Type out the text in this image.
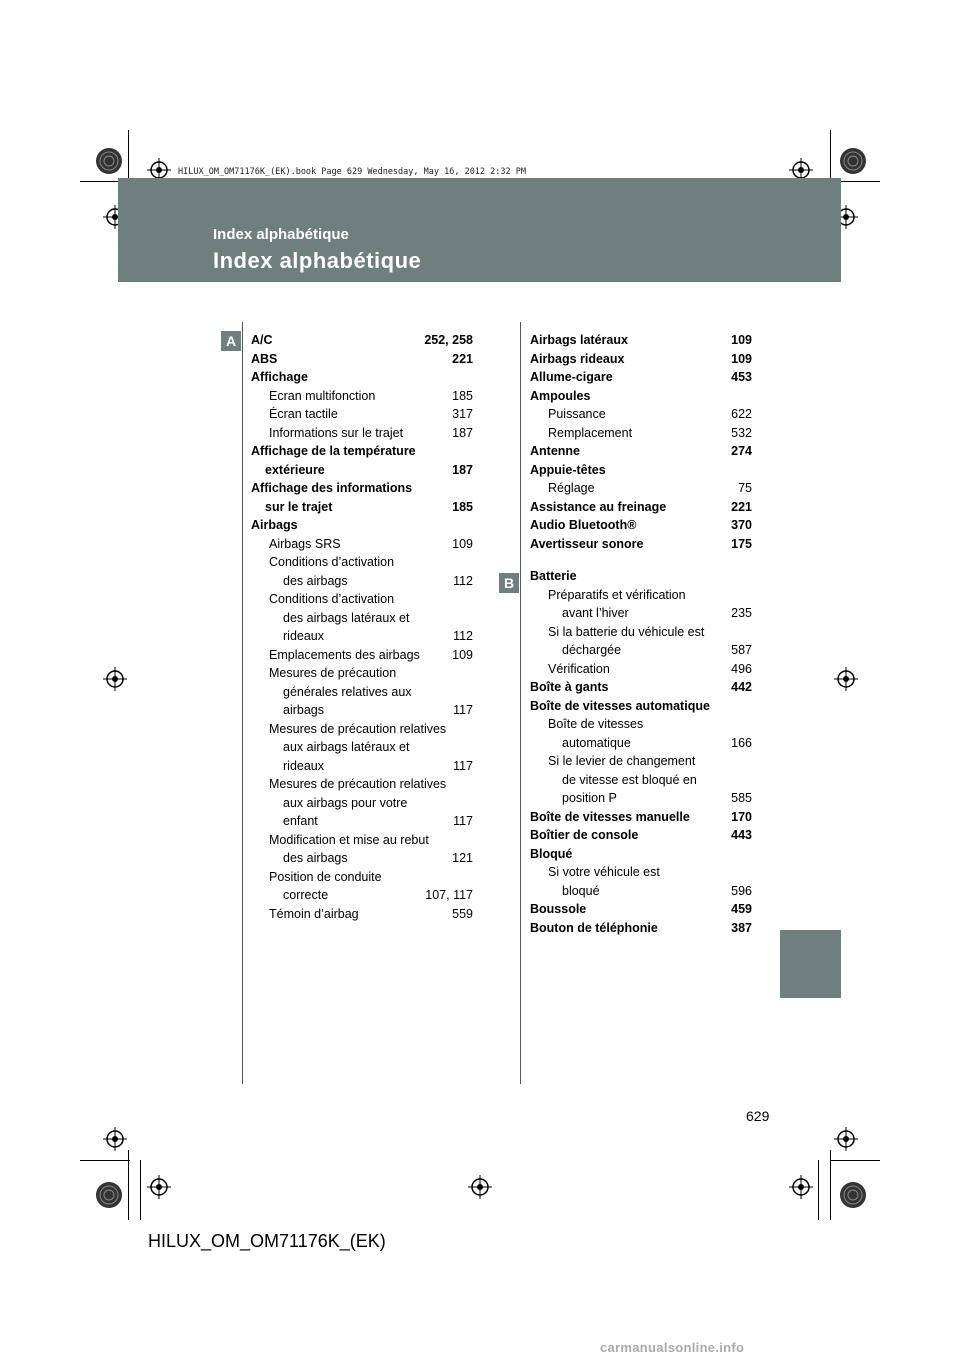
HILUX_OM_OM71176K_(EK).book Page 629 Wednesday, May 16, 2012 2:32 PM
Index alphabétique
Index alphabétique
A
B
A/C . . .	252, 258
ABS . . .	221
Affichage
Ecran multifonction . . .	185
Écran tactile . . .	317
Informations sur le trajet . . .	187
Affichage de la température
extérieure . . .	187
Affichage des informations
sur le trajet . . .	185
Airbags
Airbags SRS . . .	109
Conditions d’activation
des airbags . . .	112
Conditions d’activation
des airbags latéraux et
rideaux . . .	112
Emplacements des airbags . . .	109
Mesures de précaution
générales relatives aux
airbags . . .	117
Mesures de précaution relatives
aux airbags latéraux et
rideaux . . .	117
Mesures de précaution relatives
aux airbags pour votre
enfant . . .	117
Modification et mise au rebut
des airbags . . .	121
Position de conduite
correcte . . .	107, 117
Témoin d’airbag . . .	559
Airbags latéraux . . .	109
Airbags rideaux . . .	109
Allume-cigare . . .	453
Ampoules
Puissance . . .	622
Remplacement . . .	532
Antenne . . .	274
Appuie-têtes
Réglage . . .	75
Assistance au freinage . . .	221
Audio Bluetooth® . . .	370
Avertisseur sonore . . .	175
Batterie
Préparatifs et vérification
avant l’hiver . . .	235
Si la batterie du véhicule est
déchargée . . .	587
Vérification . . .	496
Boîte à gants . . .	442
Boîte de vitesses automatique
Boîte de vitesses
automatique . . .	166
Si le levier de changement
de vitesse est bloqué en
position P . . .	585
Boîte de vitesses manuelle . . .	170
Boîtier de console . . .	443
Bloqué
Si votre véhicule est
bloqué . . .	596
Boussole . . .	459
Bouton de téléphonie . . .	387
629
HILUX_OM_OM71176K_(EK)
carmanualsonline.info
